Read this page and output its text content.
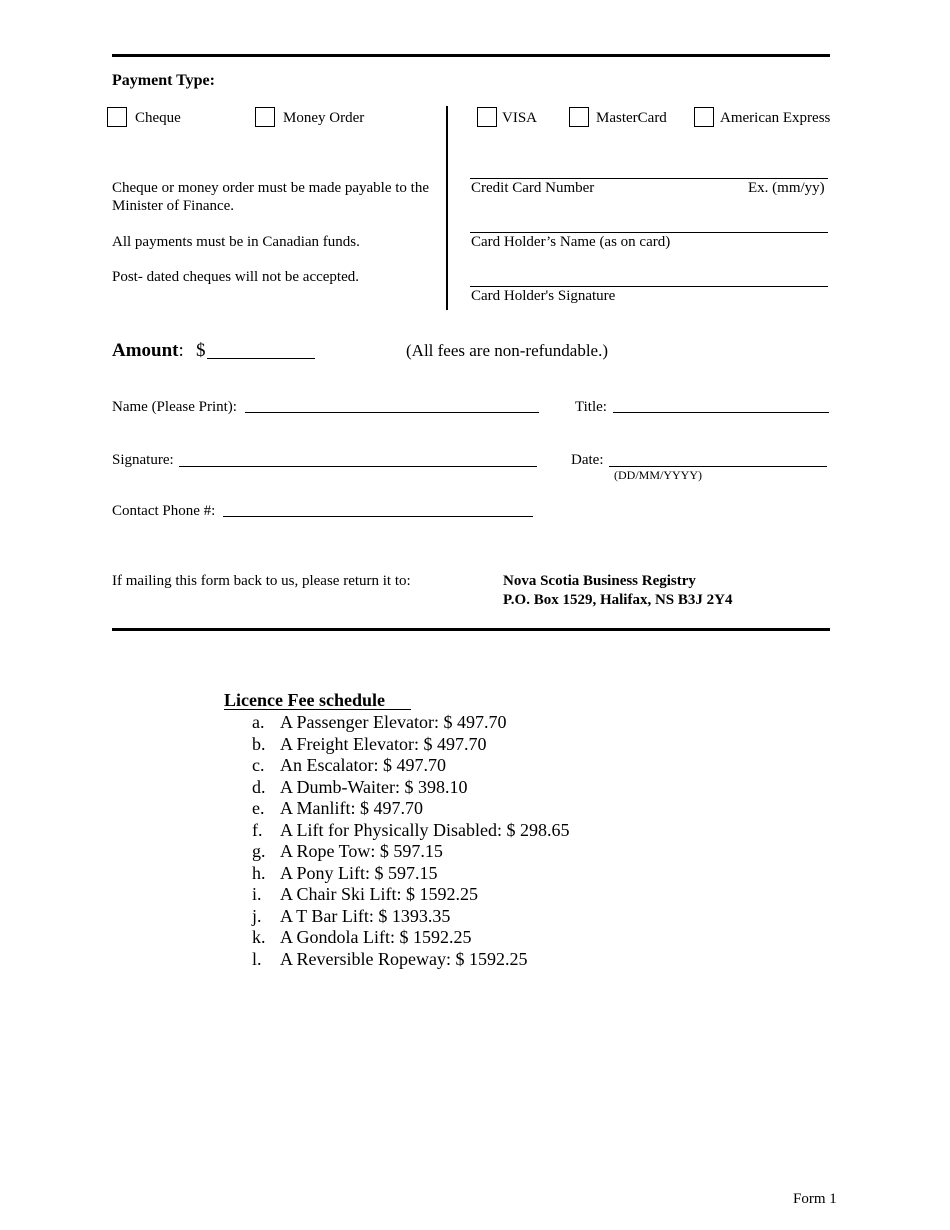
Payment Type:
Cheque	Money Order	VISA	MasterCard	American Express
Cheque or money order must be made payable to the
Minister of Finance.
All payments must be in Canadian funds.
Post- dated cheques will not be accepted.
Credit Card Number	Ex. (mm/yy)
Card Holder’s Name (as on card)
Card Holder's Signature
Amount: $	(All fees are non-refundable.)
Name (Please Print):	Title:
Signature:	Date:
(DD/MM/YYYY)
Contact Phone #:
If mailing this form back to us, please return it to:	Nova Scotia Business Registry
P.O. Box 1529, Halifax, NS B3J 2Y4
Licence Fee schedule
a. A Passenger Elevator: $ 497.70
b. A Freight Elevator: $ 497.70
c. An Escalator: $ 497.70
d. A Dumb-Waiter: $ 398.10
e. A Manlift: $ 497.70
f. A Lift for Physically Disabled: $ 298.65
g. A Rope Tow: $ 597.15
h. A Pony Lift: $ 597.15
i. A Chair Ski Lift: $ 1592.25
j. A T Bar Lift: $ 1393.35
k. A Gondola Lift: $ 1592.25
l. A Reversible Ropeway: $ 1592.25
Form 1
